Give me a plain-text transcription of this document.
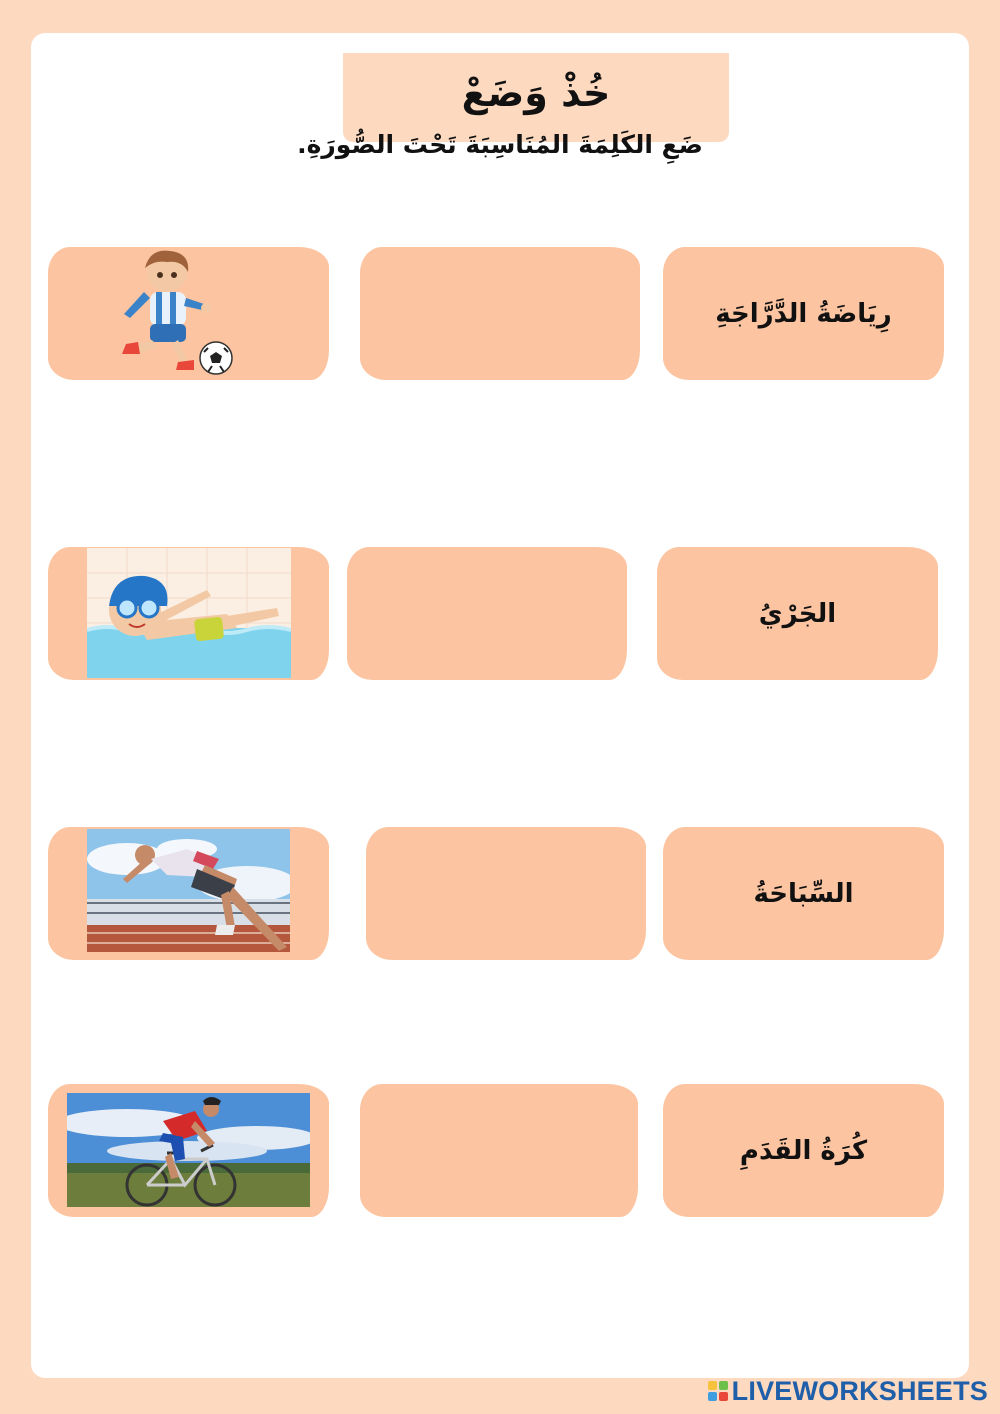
خُذْ وَضَعْ
ضَعِ الكَلِمَةَ المُنَاسِبَةَ تَحْتَ الصُّورَةِ.
رِيَاضَةُ الدَّرَّاجَةِ
الجَرْيُ
السِّبَاحَةُ
كُرَةُ القَدَمِ
LIVEWORKSHEETS
